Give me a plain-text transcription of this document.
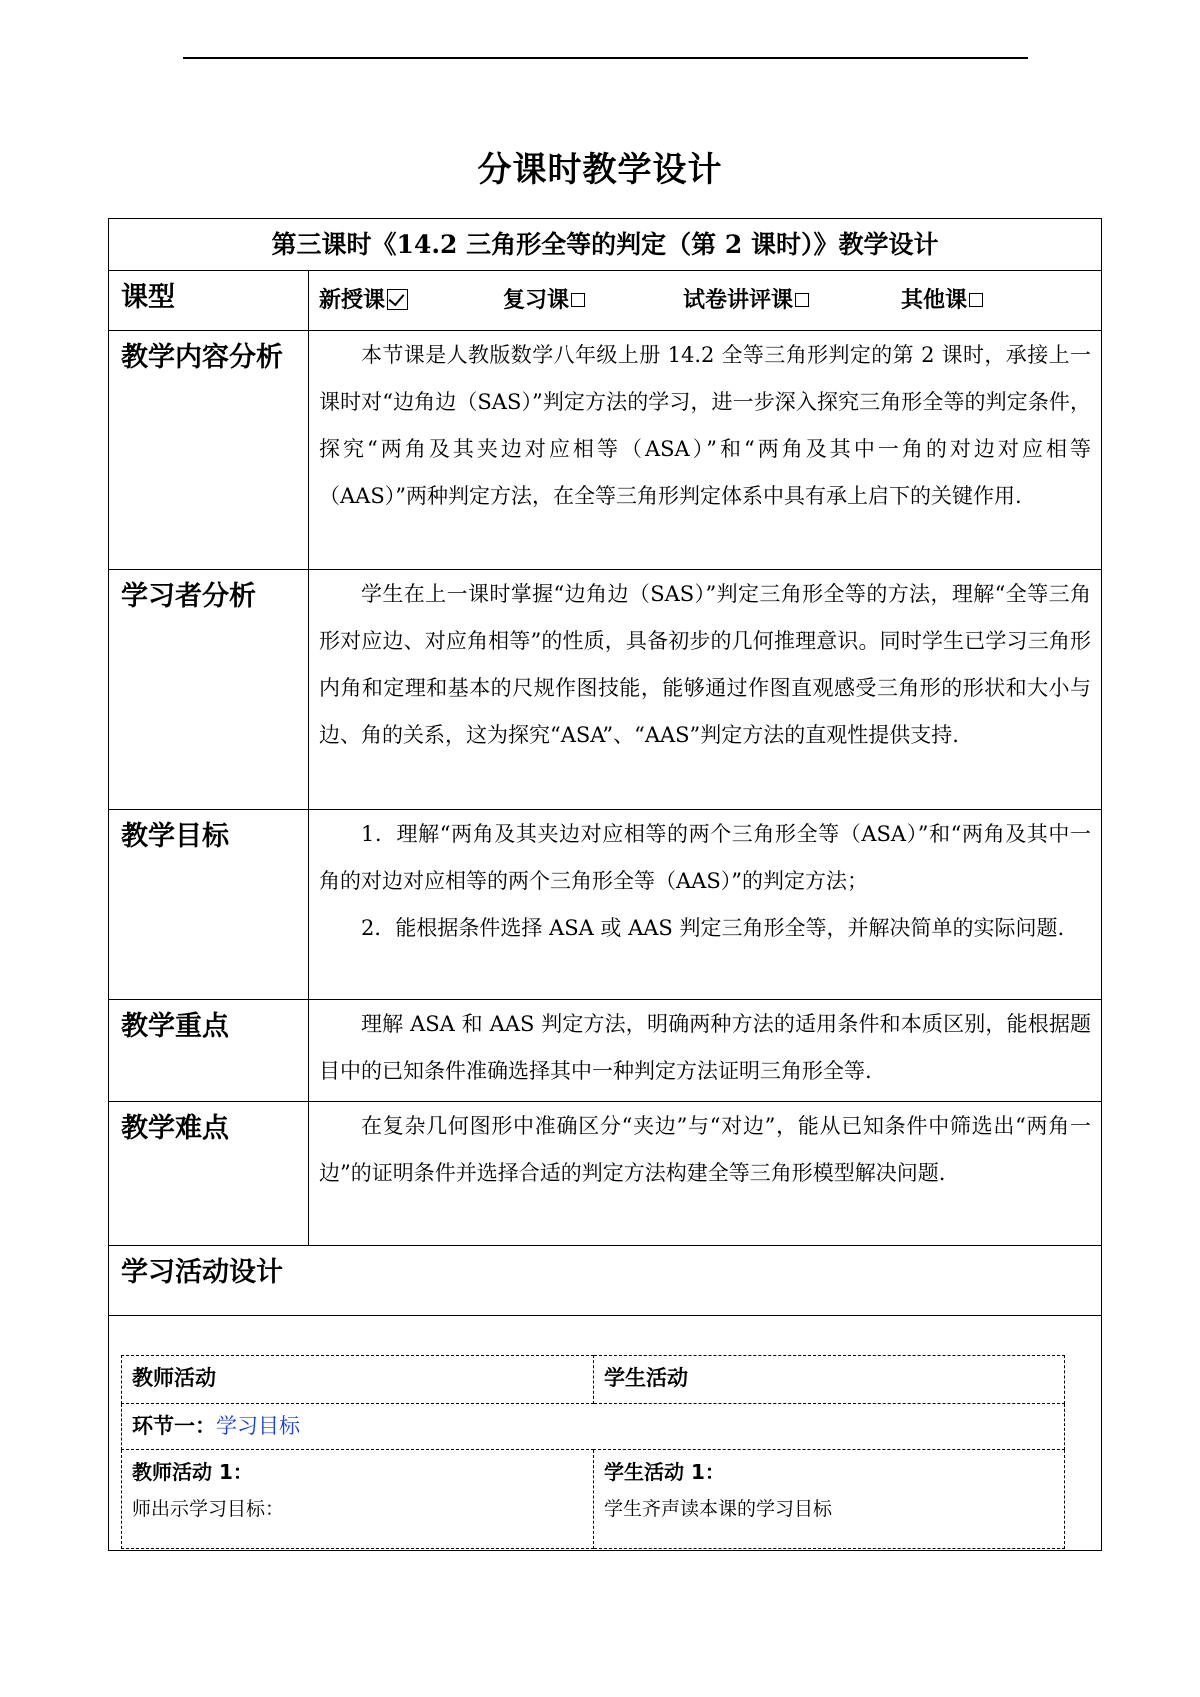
分课时教学设计
第三课时《14.2 三角形全等的判定（第 2 课时）》教学设计
课型	新授课	复习课	试卷讲评课	其他课
教学内容分析	本节课是人教版数学八年级上册 14.2 全等三角形判定的第 2 课时，承接上一课时对“边角边（SAS）”判定方法的学习，进一步深入探究三角形全等的判定条件，探究“两角及其夹边对应相等（ASA）”和“两角及其中一角的对边对应相等（AAS）”两种判定方法，在全等三角形判定体系中具有承上启下的关键作用.

学习者分析	学生在上一课时掌握“边角边（SAS）”判定三角形全等的方法，理解“全等三角形对应边、对应角相等”的性质，具备初步的几何推理意识。同时学生已学习三角形内角和定理和基本的尺规作图技能，能够通过作图直观感受三角形的形状和大小与边、角的关系，这为探究“ASA”、“AAS”判定方法的直观性提供支持.

教学目标	1．理解“两角及其夹边对应相等的两个三角形全等（ASA）”和“两角及其中一角的对边对应相等的两个三角形全等（AAS）”的判定方法；

2．能根据条件选择 ASA 或 AAS 判定三角形全等，并解决简单的实际问题.

教学重点	理解 ASA 和 AAS 判定方法，明确两种方法的适用条件和本质区别，能根据题目中的已知条件准确选择其中一种判定方法证明三角形全等.

教学难点	在复杂几何图形中准确区分“夹边”与“对边”，能从已知条件中筛选出“两角一边”的证明条件并选择合适的判定方法构建全等三角形模型解决问题.

学习活动设计

教师活动	学生活动
环节一：学习目标

教师活动 1：
师出示学习目标：

学生活动 1：
学生齐声读本课的学习目标
